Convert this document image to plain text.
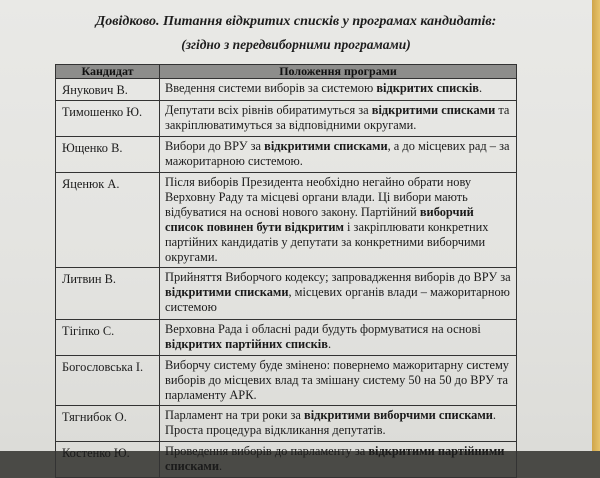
Довідково. Питання відкритих списків у програмах кандидатів:
(згідно з передвиборними програмами)
Кандидат	Положення програми

Янукович В.	Введення системи виборів за системою відкритих списків.

Тимошенко Ю.	Депутати всіх рівнів обиратимуться за відкритими списками та закріплюватимуться за відповідними округами.

Ющенко В.	Вибори до ВРУ за відкритими списками, а до місцевих рад – за мажоритарною системою.

Яценюк А.	Після виборів Президента необхідно негайно обрати нову Верховну Раду та місцеві органи влади. Ці вибори мають відбуватися на основі нового закону. Партійний виборчий список повинен бути відкритим і закріплювати конкретних партійних кандидатів у депутати за конкретними виборчими округами.

Литвин В.	Прийняття Виборчого кодексу; запровадження виборів до ВРУ за відкритими списками, місцевих органів влади – мажоритарною системою

Тігіпко С.	Верховна Рада і обласні ради будуть формуватися на основі відкритих партійних списків.

Богословська І.	Виборчу систему буде змінено: повернемо мажоритарну систему виборів до місцевих влад та змішану систему 50 на 50 до ВРУ та парламенту АРК.

Тягнибок О.	Парламент на три роки за відкритими виборчими списками. Проста процедура відкликання депутатів.

Костенко Ю.	Проведення виборів до парламенту за відкритими партійними списками.
